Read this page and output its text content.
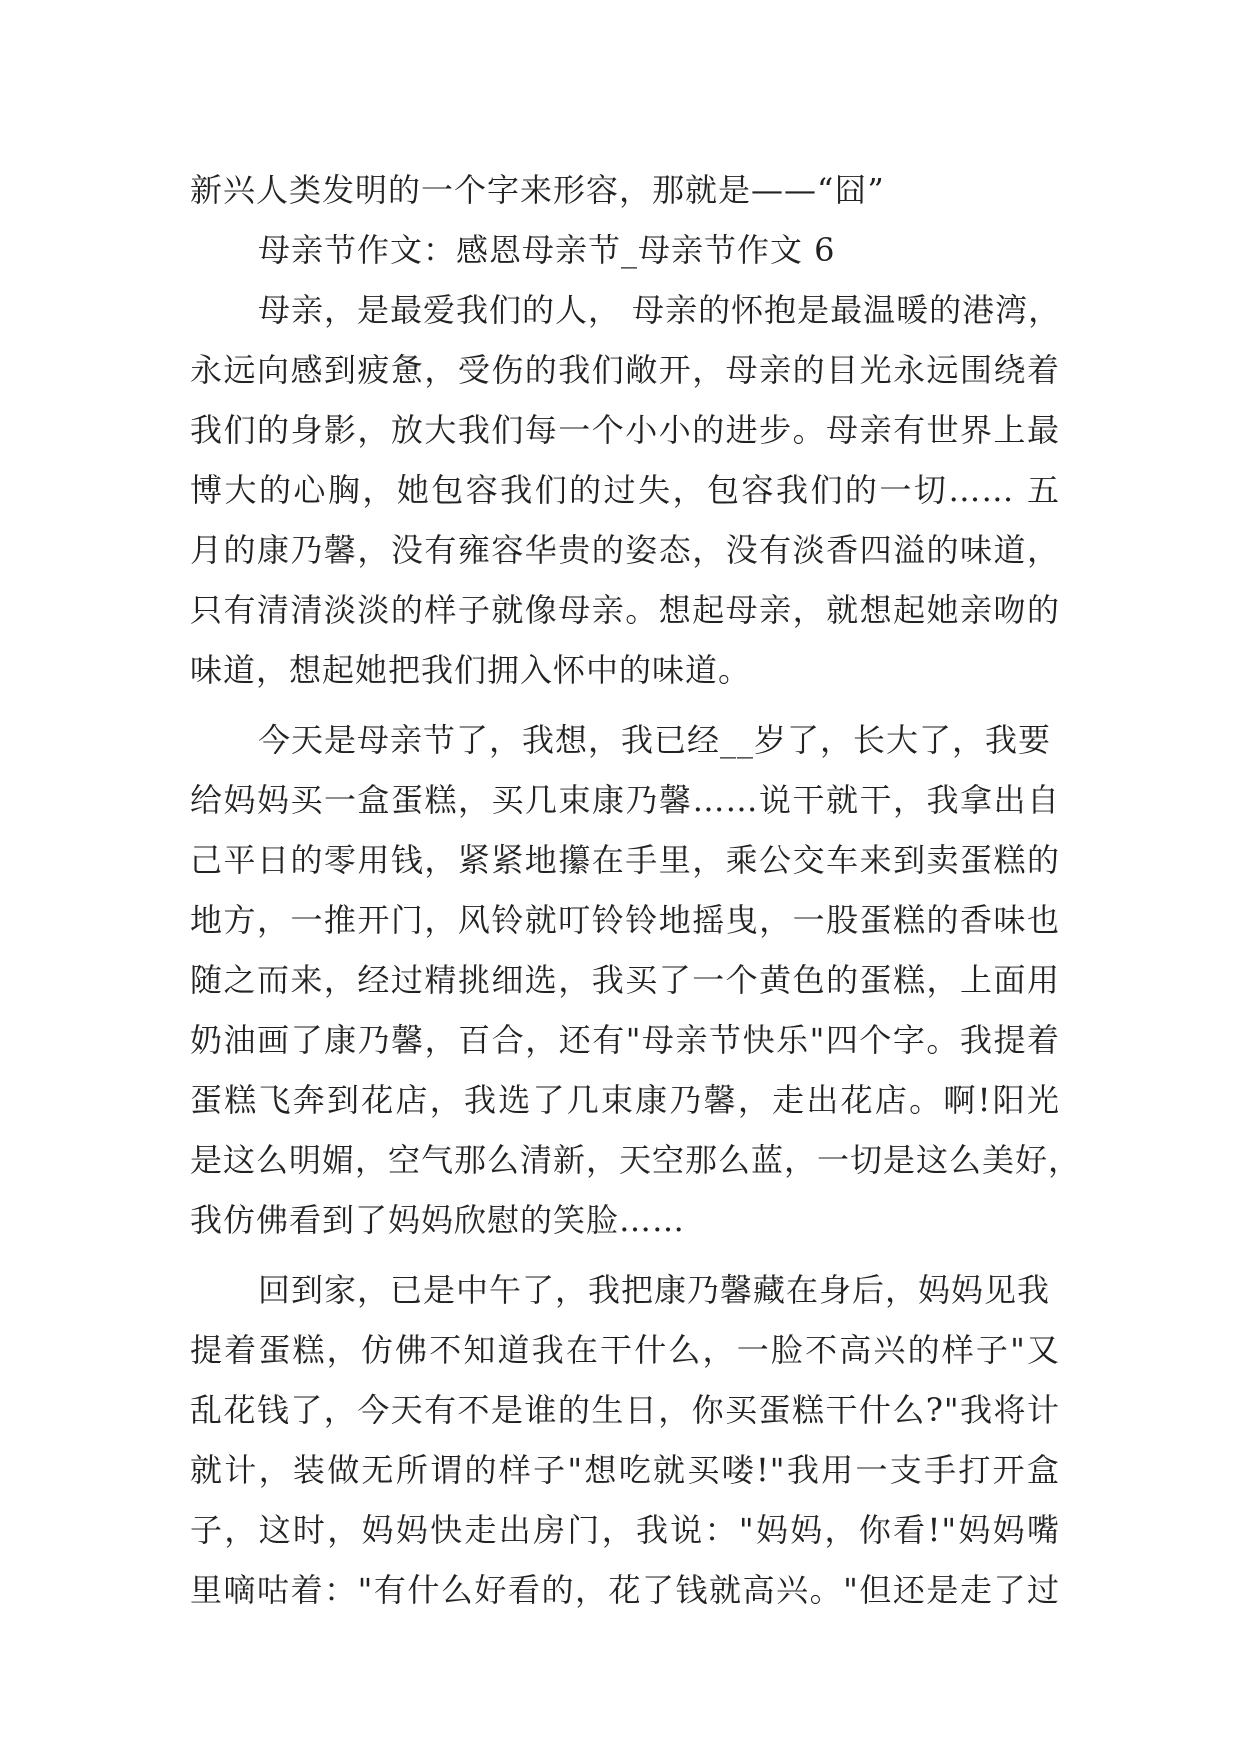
新兴人类发明的一个字来形容，那就是——“囧”
母亲节作文：感恩母亲节_母亲节作文 6
母亲，是最爱我们的人， 母亲的怀抱是最温暖的港湾，
永远向感到疲惫，受伤的我们敞开，母亲的目光永远围绕着
我们的身影，放大我们每一个小小的进步。母亲有世界上最
博大的心胸，她包容我们的过失，包容我们的一切…… 五
月的康乃馨，没有雍容华贵的姿态，没有淡香四溢的味道，
只有清清淡淡的样子就像母亲。想起母亲，就想起她亲吻的
味道，想起她把我们拥入怀中的味道。
今天是母亲节了，我想，我已经__岁了，长大了，我要
给妈妈买一盒蛋糕，买几束康乃馨……说干就干，我拿出自
己平日的零用钱，紧紧地攥在手里，乘公交车来到卖蛋糕的
地方，一推开门，风铃就叮铃铃地摇曳，一股蛋糕的香味也
随之而来，经过精挑细选，我买了一个黄色的蛋糕，上面用
奶油画了康乃馨，百合，还有"母亲节快乐"四个字。我提着
蛋糕飞奔到花店，我选了几束康乃馨，走出花店。啊!阳光
是这么明媚，空气那么清新，天空那么蓝，一切是这么美好，
我仿佛看到了妈妈欣慰的笑脸……
回到家，已是中午了，我把康乃馨藏在身后，妈妈见我
提着蛋糕，仿佛不知道我在干什么，一脸不高兴的样子"又
乱花钱了，今天有不是谁的生日，你买蛋糕干什么?"我将计
就计，装做无所谓的样子"想吃就买喽!"我用一支手打开盒
子，这时，妈妈快走出房门，我说："妈妈，你看!"妈妈嘴
里嘀咕着："有什么好看的，花了钱就高兴。"但还是走了过
